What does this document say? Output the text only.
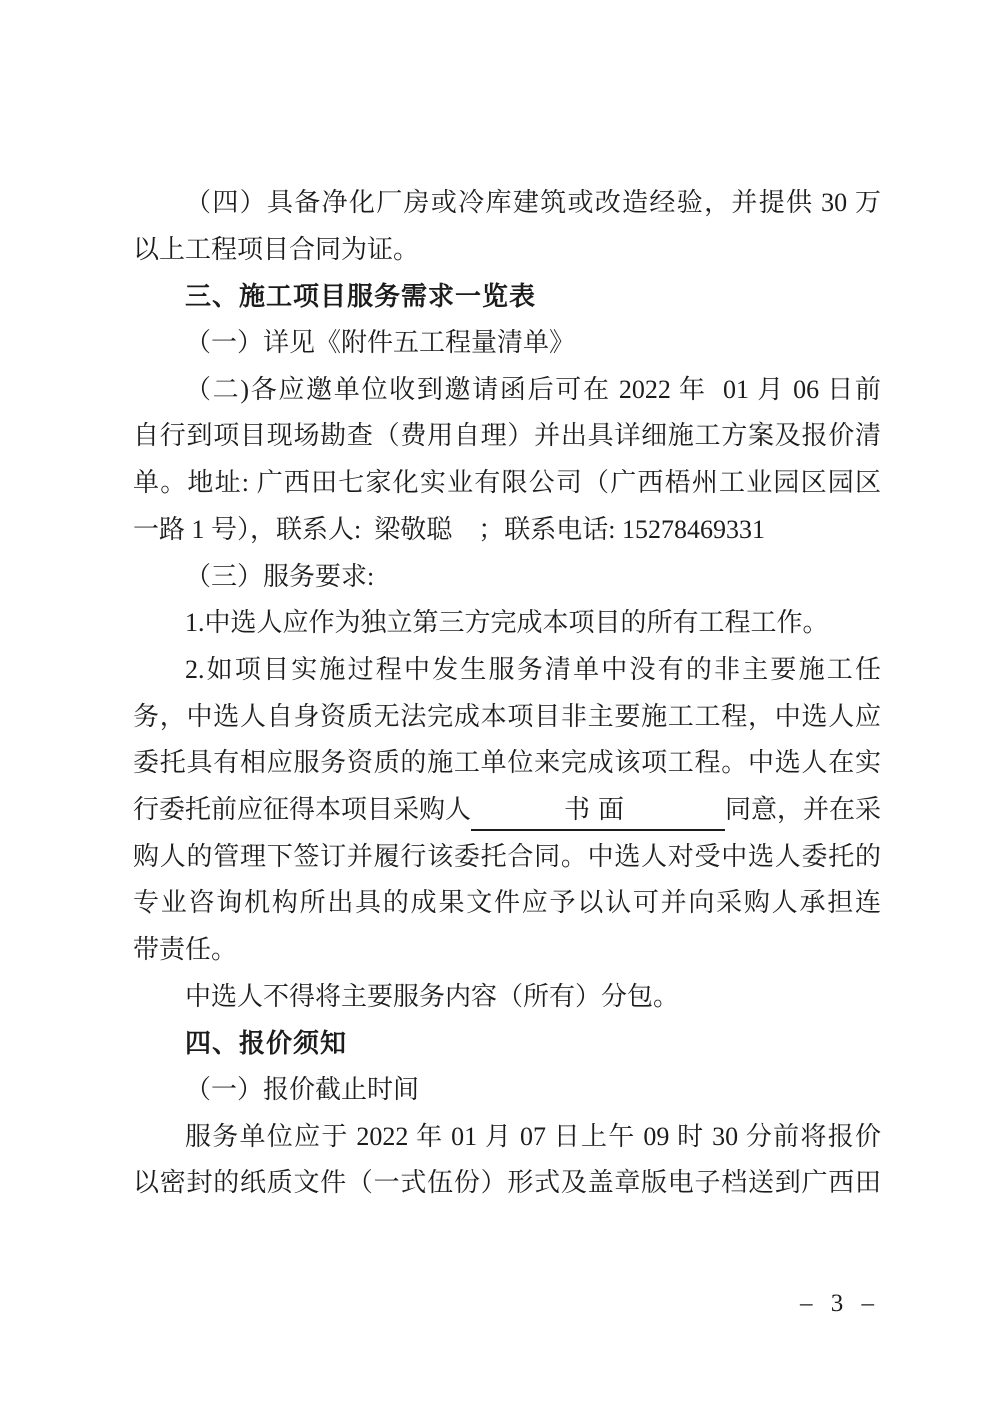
（四）具备净化厂房或冷库建筑或改造经验，并提供 30 万
以上工程项目合同为证。
三、施工项目服务需求一览表
（一）详见《附件五工程量清单》
（二)各应邀单位收到邀请函后可在 2022 年  01 月 06 日前
自行到项目现场勘查（费用自理）并出具详细施工方案及报价清
单。地址: 广西田七家化实业有限公司（广西梧州工业园区园区
一路 1 号），联系人:  梁敬聪    ；联系电话: 15278469331
（三）服务要求:
1.中选人应作为独立第三方完成本项目的所有工程工作。
2.如项目实施过程中发生服务清单中没有的非主要施工任
务，中选人自身资质无法完成本项目非主要施工工程，中选人应
委托具有相应服务资质的施工单位来完成该项工程。中选人在实
行委托前应征得本项目采购人	书面	同意，并在采
购人的管理下签订并履行该委托合同。中选人对受中选人委托的
专业咨询机构所出具的成果文件应予以认可并向采购人承担连
带责任。
中选人不得将主要服务内容（所有）分包。
四、报价须知
（一）报价截止时间
服务单位应于 2022 年 01 月 07 日上午 09 时 30 分前将报价
以密封的纸质文件（一式伍份）形式及盖章版电子档送到广西田
– 3 –
